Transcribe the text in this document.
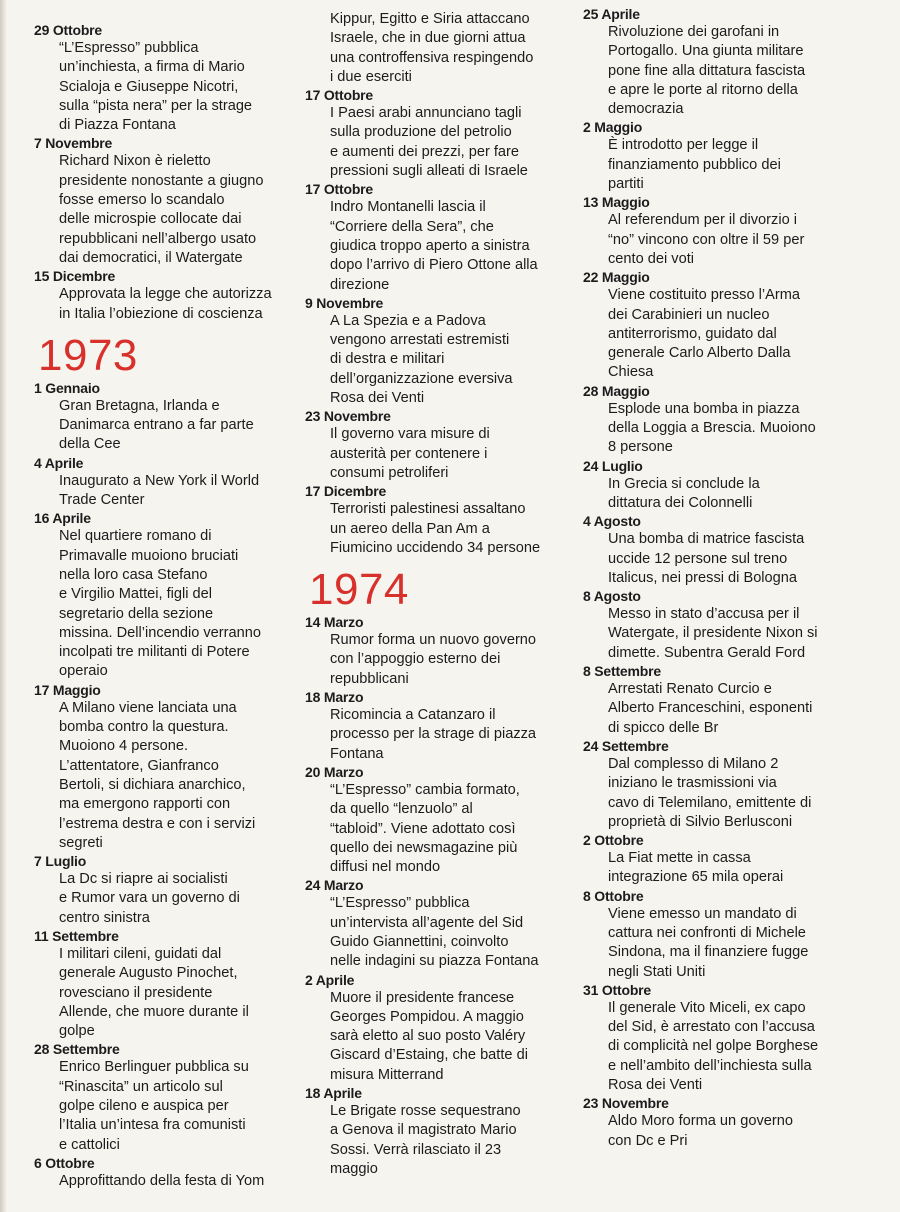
29 Ottobre
“L’Espresso” pubblica
un’inchiesta, a firma di Mario
Scialoja e Giuseppe Nicotri,
sulla “pista nera” per la strage
di Piazza Fontana
7 Novembre
Richard Nixon è rieletto
presidente nonostante a giugno
fosse emerso lo scandalo
delle microspie collocate dai
repubblicani nell’albergo usato
dai democratici, il Watergate
15 Dicembre
Approvata la legge che autorizza
in Italia l’obiezione di coscienza
1973
1 Gennaio
Gran Bretagna, Irlanda e
Danimarca entrano a far parte
della Cee
4 Aprile
Inaugurato a New York il World
Trade Center
16 Aprile
Nel quartiere romano di
Primavalle muoiono bruciati
nella loro casa Stefano
e Virgilio Mattei, figli del
segretario della sezione
missina. Dell’incendio verranno
incolpati tre militanti di Potere
operaio
17 Maggio
A Milano viene lanciata una
bomba contro la questura.
Muoiono 4 persone.
L’attentatore, Gianfranco
Bertoli, si dichiara anarchico,
ma emergono rapporti con
l’estrema destra e con i servizi
segreti
7 Luglio
La Dc si riapre ai socialisti
e Rumor vara un governo di
centro sinistra
11 Settembre
I militari cileni, guidati dal
generale Augusto Pinochet,
rovesciano il presidente
Allende, che muore durante il
golpe
28 Settembre
Enrico Berlinguer pubblica su
“Rinascita” un articolo sul
golpe cileno e auspica per
l’Italia un’intesa fra comunisti
e cattolici
6 Ottobre
Approfittando della festa di Yom
Kippur, Egitto e Siria attaccano
Israele, che in due giorni attua
una controffensiva respingendo
i due eserciti
17 Ottobre
I Paesi arabi annunciano tagli
sulla produzione del petrolio
e aumenti dei prezzi, per fare
pressioni sugli alleati di Israele
17 Ottobre
Indro Montanelli lascia il
“Corriere della Sera”, che
giudica troppo aperto a sinistra
dopo l’arrivo di Piero Ottone alla
direzione
9 Novembre
A La Spezia e a Padova
vengono arrestati estremisti
di destra e militari
dell’organizzazione eversiva
Rosa dei Venti
23 Novembre
Il governo vara misure di
austerità per contenere i
consumi petroliferi
17 Dicembre
Terroristi palestinesi assaltano
un aereo della Pan Am a
Fiumicino uccidendo 34 persone
1974
14 Marzo
Rumor forma un nuovo governo
con l’appoggio esterno dei
repubblicani
18 Marzo
Ricomincia a Catanzaro il
processo per la strage di piazza
Fontana
20 Marzo
“L’Espresso” cambia formato,
da quello “lenzuolo” al
“tabloid”. Viene adottato così
quello dei newsmagazine più
diffusi nel mondo
24 Marzo
“L’Espresso” pubblica
un’intervista all’agente del Sid
Guido Giannettini, coinvolto
nelle indagini su piazza Fontana
2 Aprile
Muore il presidente francese
Georges Pompidou. A maggio
sarà eletto al suo posto Valéry
Giscard d’Estaing, che batte di
misura Mitterrand
18 Aprile
Le Brigate rosse sequestrano
a Genova il magistrato Mario
Sossi. Verrà rilasciato il 23
maggio
25 Aprile
Rivoluzione dei garofani in
Portogallo. Una giunta militare
pone fine alla dittatura fascista
e apre le porte al ritorno della
democrazia
2 Maggio
È introdotto per legge il
finanziamento pubblico dei
partiti
13 Maggio
Al referendum per il divorzio i
“no” vincono con oltre il 59 per
cento dei voti
22 Maggio
Viene costituito presso l’Arma
dei Carabinieri un nucleo
antiterrorismo, guidato dal
generale Carlo Alberto Dalla
Chiesa
28 Maggio
Esplode una bomba in piazza
della Loggia a Brescia. Muoiono
8 persone
24 Luglio
In Grecia si conclude la
dittatura dei Colonnelli
4 Agosto
Una bomba di matrice fascista
uccide 12 persone sul treno
Italicus, nei pressi di Bologna
8 Agosto
Messo in stato d’accusa per il
Watergate, il presidente Nixon si
dimette. Subentra Gerald Ford
8 Settembre
Arrestati Renato Curcio e
Alberto Franceschini, esponenti
di spicco delle Br
24 Settembre
Dal complesso di Milano 2
iniziano le trasmissioni via
cavo di Telemilano, emittente di
proprietà di Silvio Berlusconi
2 Ottobre
La Fiat mette in cassa
integrazione 65 mila operai
8 Ottobre
Viene emesso un mandato di
cattura nei confronti di Michele
Sindona, ma il finanziere fugge
negli Stati Uniti
31 Ottobre
Il generale Vito Miceli, ex capo
del Sid, è arrestato con l’accusa
di complicità nel golpe Borghese
e nell’ambito dell’inchiesta sulla
Rosa dei Venti
23 Novembre
Aldo Moro forma un governo
con Dc e Pri
